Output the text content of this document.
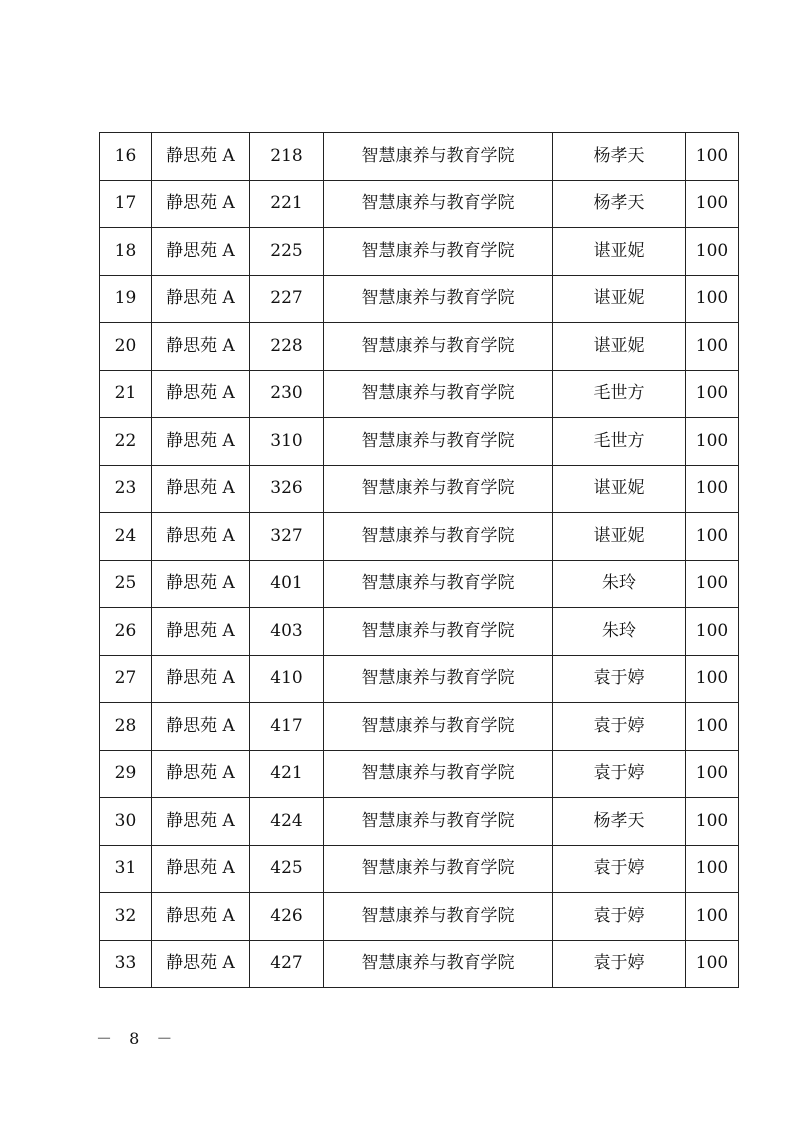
16	静思苑 A	218	智慧康养与教育学院	杨孝天	100
17	静思苑 A	221	智慧康养与教育学院	杨孝天	100
18	静思苑 A	225	智慧康养与教育学院	谌亚妮	100
19	静思苑 A	227	智慧康养与教育学院	谌亚妮	100
20	静思苑 A	228	智慧康养与教育学院	谌亚妮	100
21	静思苑 A	230	智慧康养与教育学院	毛世方	100
22	静思苑 A	310	智慧康养与教育学院	毛世方	100
23	静思苑 A	326	智慧康养与教育学院	谌亚妮	100
24	静思苑 A	327	智慧康养与教育学院	谌亚妮	100
25	静思苑 A	401	智慧康养与教育学院	朱玲	100
26	静思苑 A	403	智慧康养与教育学院	朱玲	100
27	静思苑 A	410	智慧康养与教育学院	袁于婷	100
28	静思苑 A	417	智慧康养与教育学院	袁于婷	100
29	静思苑 A	421	智慧康养与教育学院	袁于婷	100
30	静思苑 A	424	智慧康养与教育学院	杨孝天	100
31	静思苑 A	425	智慧康养与教育学院	袁于婷	100
32	静思苑 A	426	智慧康养与教育学院	袁于婷	100
33	静思苑 A	427	智慧康养与教育学院	袁于婷	100
－ 8 －
